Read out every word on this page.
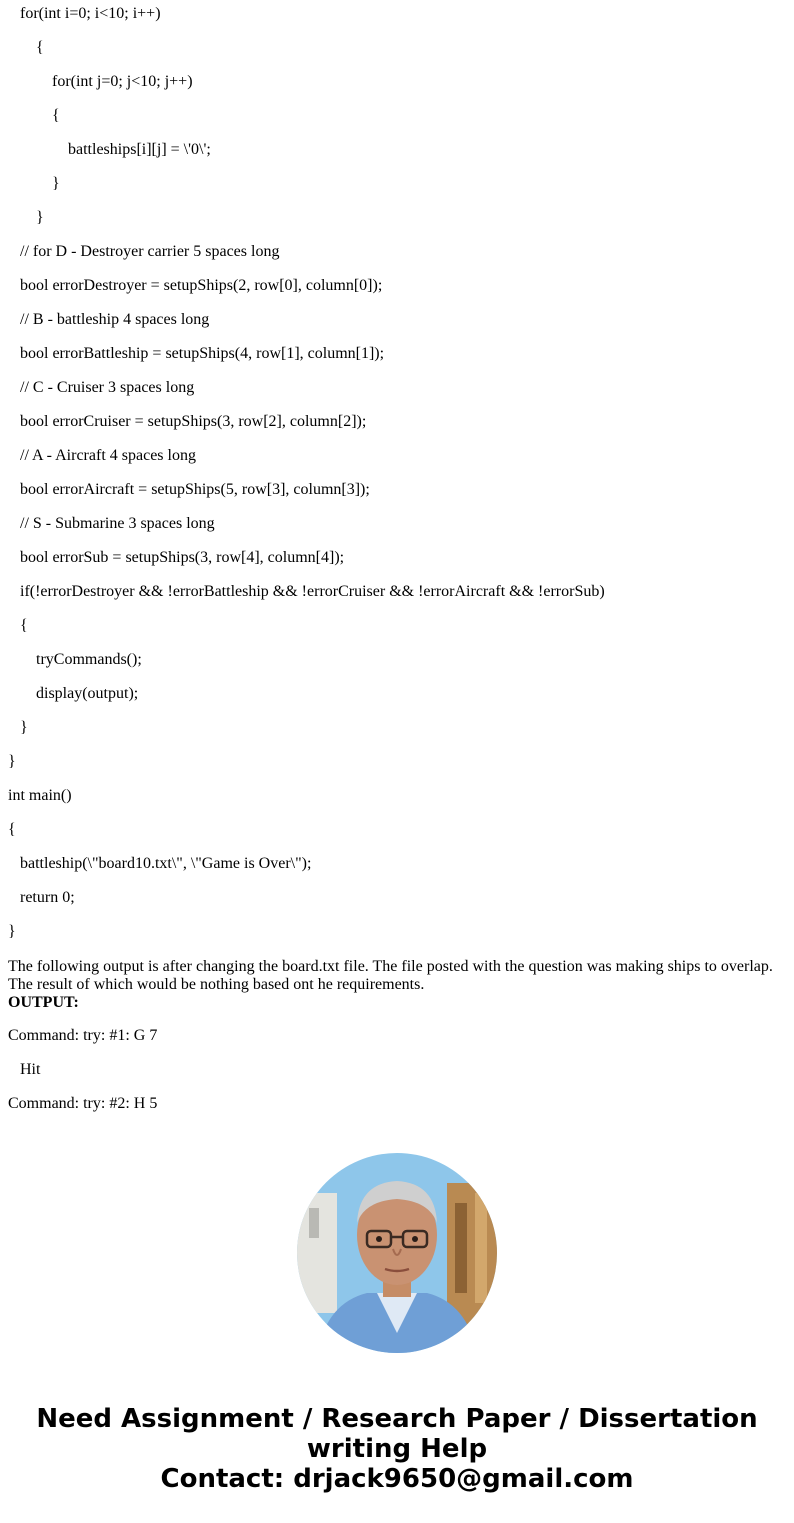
for(int i=0; i<10; i++)
{
for(int j=0; j<10; j++)
{
battleships[i][j] = \'0\';
}
}
// for D - Destroyer carrier 5 spaces long
bool errorDestroyer = setupShips(2, row[0], column[0]);
// B - battleship 4 spaces long
bool errorBattleship = setupShips(4, row[1], column[1]);
// C - Cruiser 3 spaces long
bool errorCruiser = setupShips(3, row[2], column[2]);
// A - Aircraft 4 spaces long
bool errorAircraft = setupShips(5, row[3], column[3]);
// S - Submarine 3 spaces long
bool errorSub = setupShips(3, row[4], column[4]);
if(!errorDestroyer && !errorBattleship && !errorCruiser && !errorAircraft && !errorSub)
{
tryCommands();
display(output);
}
}
int main()
{
battleship(\"board10.txt\", \"Game is Over\");
return 0;
}
The following output is after changing the board.txt file. The file posted with the question was making ships to overlap. The result of which would be nothing based ont he requirements.
OUTPUT:
Command: try: #1: G 7
Hit
Command: try: #2: H 5
Need Assignment / Research Paper / Dissertation
writing Help
Contact: drjack9650@gmail.com
